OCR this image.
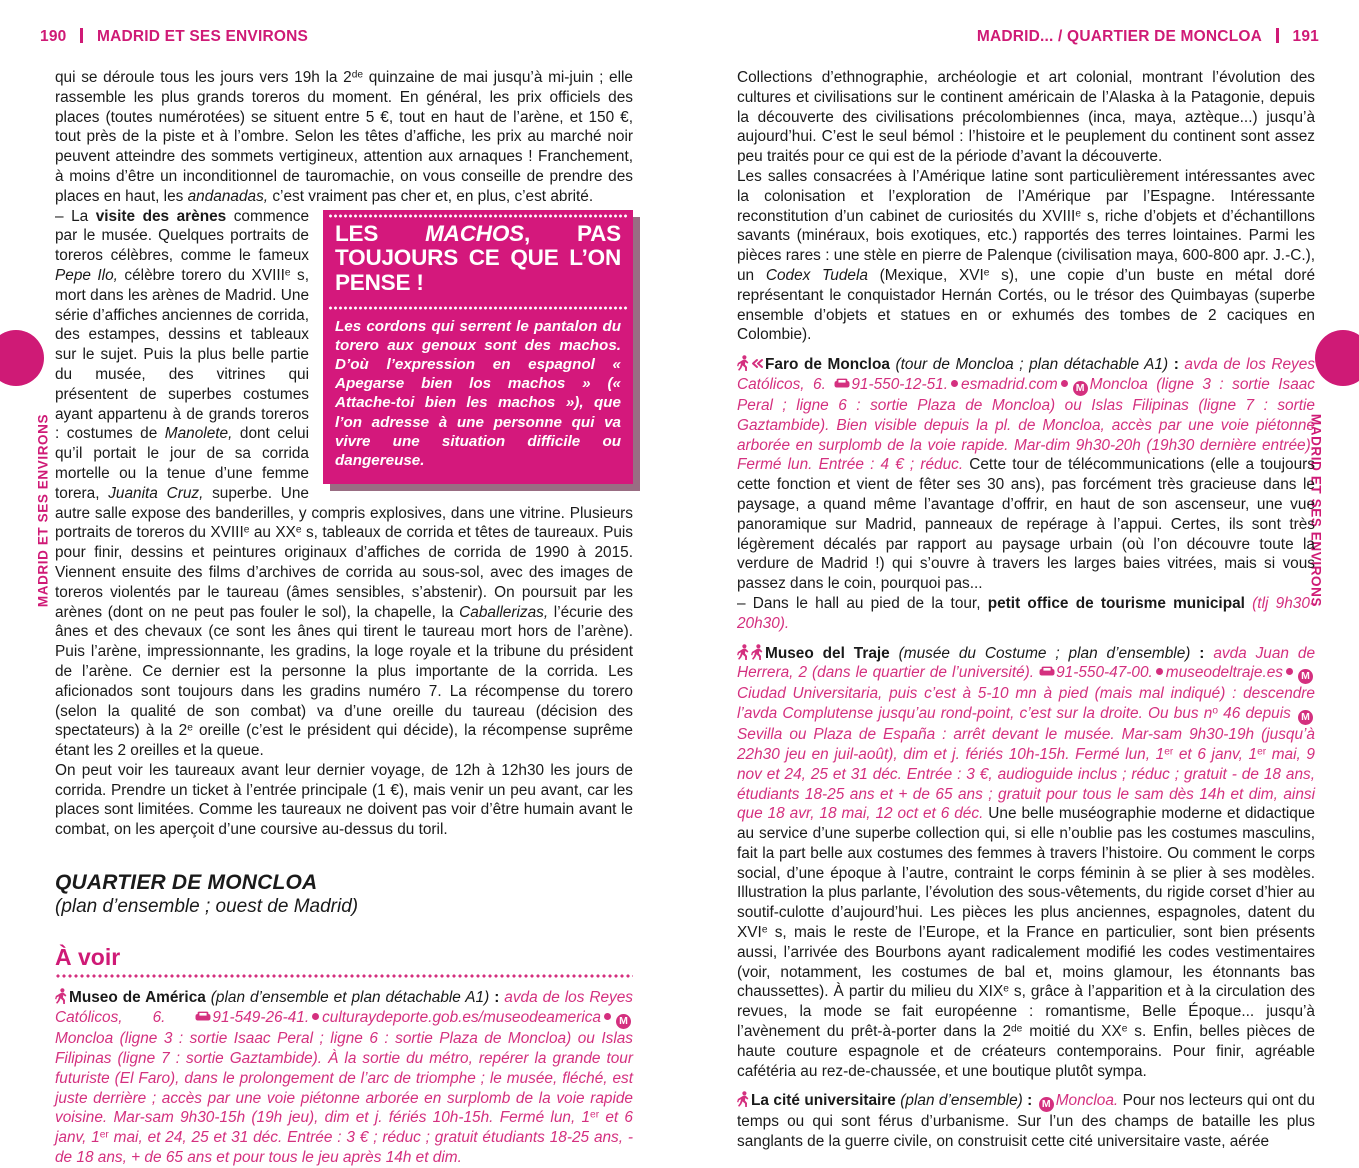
190 MADRID ET SES ENVIRONS	MADRID... / QUARTIER DE MONCLOA 191
MADRID ET SES ENVIRONS	MADRID ET SES ENVIRONS

qui se déroule tous les jours vers 19h la 2de quinzaine de mai jusqu’à mi-juin ; elle rassemble les plus grands toreros du moment. En général, les prix officiels des places (toutes numérotées) se situent entre 5 €, tout en haut de l’arène, et 150 €, tout près de la piste et à l’ombre. Selon les têtes d’affiche, les prix au marché noir peuvent atteindre des sommets vertigineux, attention aux arnaques ! Franchement, à moins d’être un inconditionnel de tauromachie, on vous conseille de prendre des places en haut, les andanadas, c’est vraiment pas cher et, en plus, c’est abrité.

LES MACHOS, PAS TOUJOURS CE QUE L’ON PENSE !
Les cordons qui serrent le pantalon du torero aux genoux sont des machos. D’où l’expression en espagnol « Apegarse bien los machos » (« Attache-toi bien les machos »), que l’on adresse à une personne qui va vivre une situation difficile ou dangereuse.

– La visite des arènes commence par le musée. Quelques portraits de toreros célèbres, comme le fameux Pepe Ilo, célèbre torero du XVIIIe s, mort dans les arènes de Madrid. Une série d’affiches anciennes de corrida, des estampes, dessins et tableaux sur le sujet. Puis la plus belle partie du musée, des vitrines qui présentent de superbes costumes ayant appartenu à de grands toreros : costumes de Manolete, dont celui qu’il portait le jour de sa corrida mortelle ou la tenue d’une femme torera, Juanita Cruz, superbe. Une autre salle expose des banderilles, y compris explosives, dans une vitrine. Plusieurs portraits de toreros du XVIIIe au XXe s, tableaux de corrida et têtes de taureaux. Puis pour finir, dessins et peintures originaux d’affiches de corrida de 1990 à 2015. Viennent ensuite des films d’archives de corrida au sous-sol, avec des images de toreros violentés par le taureau (âmes sensibles, s’abstenir). On poursuit par les arènes (dont on ne peut pas fouler le sol), la chapelle, la Caballerizas, l’écurie des ânes et des chevaux (ce sont les ânes qui tirent le taureau mort hors de l’arène). Puis l’arène, impressionnante, les gradins, la loge royale et la tribune du président de l’arène. Ce dernier est la personne la plus importante de la corrida. Les aficionados sont toujours dans les gradins numéro 7. La récompense du torero (selon la qualité de son combat) va d’une oreille du taureau (décision des spectateurs) à la 2e oreille (c’est le président qui décide), la récompense suprême étant les 2 oreilles et la queue.

On peut voir les taureaux avant leur dernier voyage, de 12h à 12h30 les jours de corrida. Prendre un ticket à l’entrée principale (1 €), mais venir un peu avant, car les places sont limitées. Comme les taureaux ne doivent pas voir d’être humain avant le combat, on les aperçoit d’une coursive au-dessus du toril.

QUARTIER DE MONCLOA
(plan d’ensemble ; ouest de Madrid)
À voir

Museo de América (plan d’ensemble et plan détachable A1) : avda de los Reyes Católicos, 6.	91-549-26-41. culturaydeporte.gob.es/museodeamerica MMoncloa (ligne 3 : sortie Isaac Peral ; ligne 6 : sortie Plaza de Moncloa) ou Islas Filipinas (ligne 7 : sortie Gaztambide). À la sortie du métro, repérer la grande tour futuriste (El Faro), dans le prolongement de l’arc de triomphe ; le musée, fléché, est juste derrière ; accès par une voie piétonne arborée en surplomb de la voie rapide voisine. Mar-sam 9h30-15h (19h jeu), dim et j. fériés 10h-15h. Fermé lun, 1er et 6 janv, 1er mai, et 24, 25 et 31 déc. Entrée : 3 € ; réduc ; gratuit étudiants 18-25 ans, - de 18 ans, + de 65 ans et pour tous le jeu après 14h et dim.

Collections d’ethnographie, archéologie et art colonial, montrant l’évolution des cultures et civilisations sur le continent américain de l’Alaska à la Patagonie, depuis la découverte des civilisations précolombiennes (inca, maya, aztèque...) jusqu’à aujourd’hui. C’est le seul bémol : l’histoire et le peuplement du continent sont assez peu traités pour ce qui est de la période d’avant la découverte.

Les salles consacrées à l’Amérique latine sont particulièrement intéressantes avec la colonisation et l’exploration de l’Amérique par l’Espagne. Intéressante reconstitution d’un cabinet de curiosités du XVIIIe s, riche d’objets et d’échantillons savants (minéraux, bois exotiques, etc.) rapportés des terres lointaines. Parmi les pièces rares : une stèle en pierre de Palenque (civilisation maya, 600-800 apr. J.-C.), un Codex Tudela (Mexique, XVIe s), une copie d’un buste en métal doré représentant le conquistador Hernán Cortés, ou le trésor des Quimbayas (superbe ensemble d’objets et statues en or exhumés des tombes de 2 caciques en Colombie).

Faro de Moncloa (tour de Moncloa ; plan détachable A1) : avda de los Reyes Católicos, 6. 91-550-12-51. esmadrid.com M Moncloa (ligne 3 : sortie Isaac Peral ; ligne 6 : sortie Plaza de Moncloa) ou Islas Filipinas (ligne 7 : sortie Gaztambide). Bien visible depuis la pl. de Moncloa, accès par une voie piétonne arborée en surplomb de la voie rapide. Mar-dim 9h30-20h (19h30 dernière entrée). Fermé lun. Entrée : 4 € ; réduc. Cette tour de télécommunications (elle a toujours cette fonction et vient de fêter ses 30 ans), pas forcément très gracieuse dans le paysage, a quand même l’avantage d’offrir, en haut de son ascenseur, une vue panoramique sur Madrid, panneaux de repérage à l’appui. Certes, ils sont très légèrement décalés par rapport au paysage urbain (où l’on découvre toute la verdure de Madrid !) qui s’ouvre à travers les larges baies vitrées, mais si vous passez dans le coin, pourquoi pas...

– Dans le hall au pied de la tour, petit office de tourisme municipal (tlj 9h30-20h30).

Museo del Traje (musée du Costume ; plan d’ensemble) : avda Juan de Herrera, 2 (dans le quartier de l’université). 91-550-47-00. museodeltraje.es MCiudad Universitaria, puis c’est à 5-10 mn à pied (mais mal indiqué) : descendre l’avda Complutense jusqu’au rond-point, c’est sur la droite. Ou bus $n^o$ 46 depuis MSevilla ou Plaza de España : arrêt devant le musée. Mar-sam 9h30-19h (jusqu’à 22h30 jeu en juil-août), dim et j. fériés 10h-15h. Fermé lun, 1er et 6 janv, 1er mai, 9 nov et 24, 25 et 31 déc. Entrée : 3 €, audioguide inclus ; réduc ; gratuit - de 18 ans, étudiants 18-25 ans et + de 65 ans ; gratuit pour tous le sam dès 14h et dim, ainsi que 18 avr, 18 mai, 12 oct et 6 déc. Une belle muséographie moderne et didactique au service d’une superbe collection qui, si elle n’oublie pas les costumes masculins, fait la part belle aux costumes des femmes à travers l’histoire. Ou comment le corps social, d’une époque à l’autre, contraint le corps féminin à se plier à ses modèles. Illustration la plus parlante, l’évolution des sous-vêtements, du rigide corset d’hier au soutif-culotte d’aujourd’hui. Les pièces les plus anciennes, espagnoles, datent du XVIe s, mais le reste de l’Europe, et la France en particulier, sont bien présents aussi, l’arrivée des Bourbons ayant radicalement modifié les codes vestimentaires (voir, notamment, les costumes de bal et, moins glamour, les étonnants bas chaussettes). À partir du milieu du XIXe s, grâce à l’apparition et à la circulation des revues, la mode se fait européenne : romantisme, Belle Époque... jusqu’à l’avènement du prêt-à-porter dans la 2de moitié du XXe s. Enfin, belles pièces de haute couture espagnole et de créateurs contemporains. Pour finir, agréable cafétéria au rez-de-chaussée, et une boutique plutôt sympa.

La cité universitaire (plan d’ensemble) : M Moncloa. Pour nos lecteurs qui ont du temps ou qui sont férus d’urbanisme. Sur l’un des champs de bataille les plus sanglants de la guerre civile, on construisit cette cité universitaire vaste, aérée
